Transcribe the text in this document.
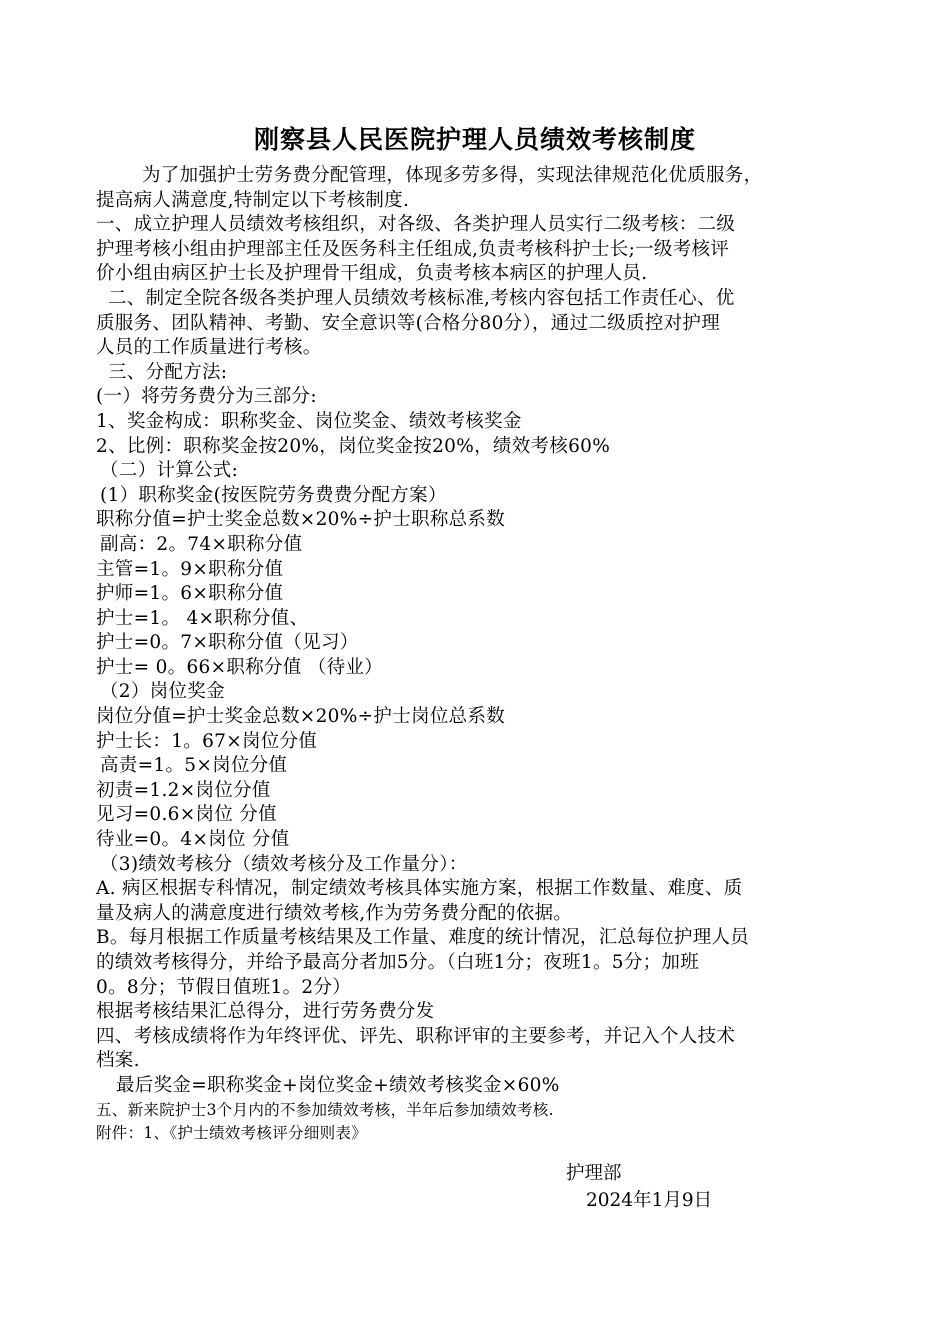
刚察县人民医院护理人员绩效考核制度
为了加强护士劳务费分配管理，体现多劳多得，实现法律规范化优质服务，
提高病人满意度,特制定以下考核制度.
一、成立护理人员绩效考核组织，对各级、各类护理人员实行二级考核：二级
护理考核小组由护理部主任及医务科主任组成,负责考核科护士长;一级考核评
价小组由病区护士长及护理骨干组成，负责考核本病区的护理人员.
二、制定全院各级各类护理人员绩效考核标准,考核内容包括工作责任心、优
质服务、团队精神、考勤、安全意识等(合格分80分），通过二级质控对护理
人员的工作质量进行考核。
三、分配方法:
(一）将劳务费分为三部分:
1、奖金构成：职称奖金、岗位奖金、绩效考核奖金
2、比例：职称奖金按20%，岗位奖金按20%，绩效考核60%
（二）计算公式:
(1）职称奖金(按医院劳务费费分配方案）
职称分值=护士奖金总数×20%÷护士职称总系数
副高：2。74×职称分值
主管=1。9×职称分值
护师=1。6×职称分值
护士=1。 4×职称分值、
护士=0。7×职称分值（见习）
护士= 0。66×职称分值 （待业）
（2）岗位奖金
岗位分值=护士奖金总数×20%÷护士岗位总系数
护士长：1。67×岗位分值
高责=1。5×岗位分值
初责=1.2×岗位分值
见习=0.6×岗位 分值
待业=0。4×岗位 分值
（3)绩效考核分（绩效考核分及工作量分）：
A. 病区根据专科情况，制定绩效考核具体实施方案，根据工作数量、难度、质
量及病人的满意度进行绩效考核,作为劳务费分配的依据。
B。每月根据工作质量考核结果及工作量、难度的统计情况，汇总每位护理人员
的绩效考核得分，并给予最高分者加5分。（白班1分；夜班1。5分；加班
0。8分；节假日值班1。2分）
根据考核结果汇总得分，进行劳务费分发
四、考核成绩将作为年终评优、评先、职称评审的主要参考，并记入个人技术
档案.
最后奖金=职称奖金+岗位奖金+绩效考核奖金×60%
五、新来院护士3个月内的不参加绩效考核，半年后参加绩效考核.
附件：1、《护士绩效考核评分细则表》
护理部
2024年1月9日
